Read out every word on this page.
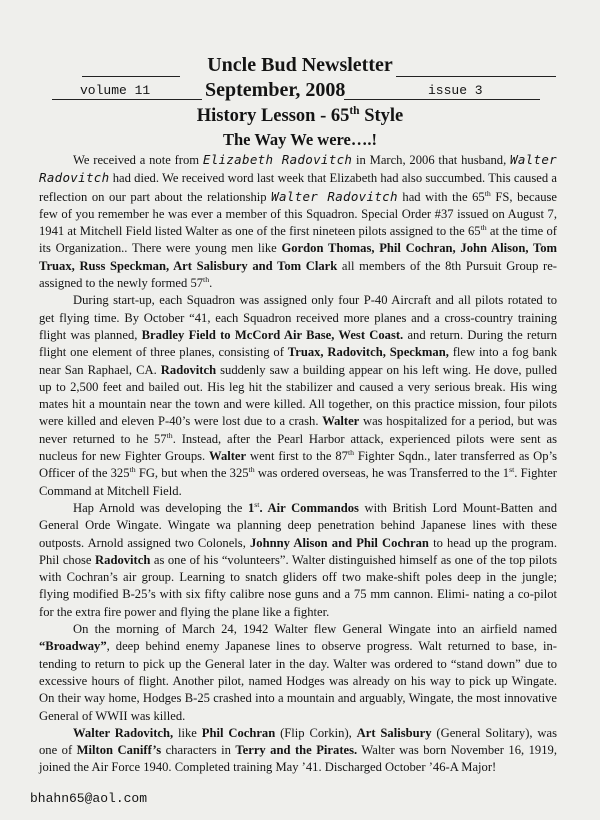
Uncle Bud Newsletter
volume 11	September, 2008	issue 3
History Lesson - 65th Style
The Way We were….!

We received a note from Elizabeth Radovitch in March, 2006 that husband, Walter Radovitch had died. We received word last week that Elizabeth had also succumbed. This caused a reflection on our part about the relationship Walter Radovitch had with the 65th FS, because few of you remember he was ever a member of this Squadron. Special Order #37 issued on August 7, 1941 at Mitchell Field listed Walter as one of the first nineteen pilots assigned to the 65th at the time of its Organization.. There were young men like Gordon Thomas, Phil Cochran, John Alison, Tom Truax, Russ Speckman, Art Salisbury and Tom Clark all members of the 8th Pursuit Group re-assigned to the newly formed 57th.

During start-up, each Squadron was assigned only four P-40 Aircraft and all pilots rotated to get flying time. By October “41, each Squadron received more planes and a cross-country training flight was planned, Bradley Field to McCord Air Base, West Coast. and return. During the return flight one element of three planes, consisting of Truax, Radovitch, Speckman, flew into a fog bank near San Raphael, CA. Radovitch suddenly saw a building appear on his left wing. He dove, pulled up to 2,500 feet and bailed out. His leg hit the stabilizer and caused a very serious break. His wing mates hit a mountain near the town and were killed. All together, on this practice mission, four pilots were killed and eleven P-40’s were lost due to a crash. Walter was hospitalized for a period, but was never returned to he 57th. Instead, after the Pearl Harbor attack, experienced pilots were sent as nucleus for new Fighter Groups. Walter went first to the 87th Fighter Sqdn., later transferred as Op’s Officer of the 325th FG, but when the 325th was ordered overseas, he was Transferred to the 1st. Fighter Command at Mitchell Field.

Hap Arnold was developing the 1st. Air Commandos with British Lord Mount-Batten and General Orde Wingate. Wingate wa planning deep penetration behind Japanese lines with these outposts. Arnold assigned two Colonels, Johnny Alison and Phil Cochran to head up the program. Phil chose Radovitch as one of his “volunteers”. Walter distinguished himself as one of the top pilots with Cochran’s air group. Learning to snatch gliders off two make-shift poles deep in the jungle; flying modified B-25’s with six fifty calibre nose guns and a 75 mm cannon. Elimi- nating a co-pilot for the extra fire power and flying the plane like a fighter.

On the morning of March 24, 1942 Walter flew General Wingate into an airfield named “Broadway”, deep behind enemy Japanese lines to observe progress. Walt returned to base, in- tending to return to pick up the General later in the day. Walter was ordered to “stand down” due to excessive hours of flight. Another pilot, named Hodges was already on his way to pick up Wingate. On their way home, Hodges B-25 crashed into a mountain and arguably, Wingate, the most innovative General of WWII was killed.

Walter Radovitch, like Phil Cochran (Flip Corkin), Art Salisbury (General Solitary), was one of Milton Caniff’s characters in Terry and the Pirates. Walter was born November 16, 1919, joined the Air Force 1940. Completed training May ’41. Discharged October ’46-A Major!

bhahn65@aol.com
